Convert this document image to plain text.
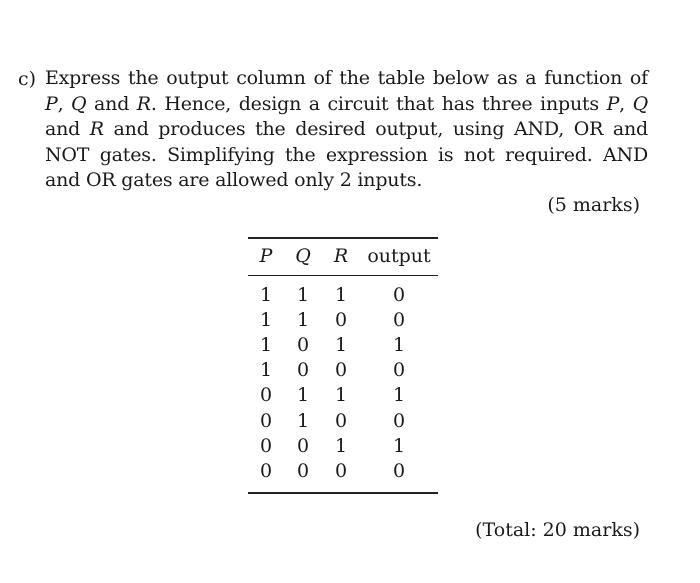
c) Express the output column of the table below as a function of P, Q and R. Hence, design a circuit that has three inputs P, Q and R and produces the desired output, using AND, OR and NOT gates. Simplifying the expression is not required. AND and OR gates are allowed only 2 inputs.
(5 marks)
P	Q	R	output
1	1	1	0
1	1	0	0
1	0	1	1
1	0	0	0
0	1	1	1
0	1	0	0
0	0	1	1
0	0	0	0
(Total: 20 marks)
